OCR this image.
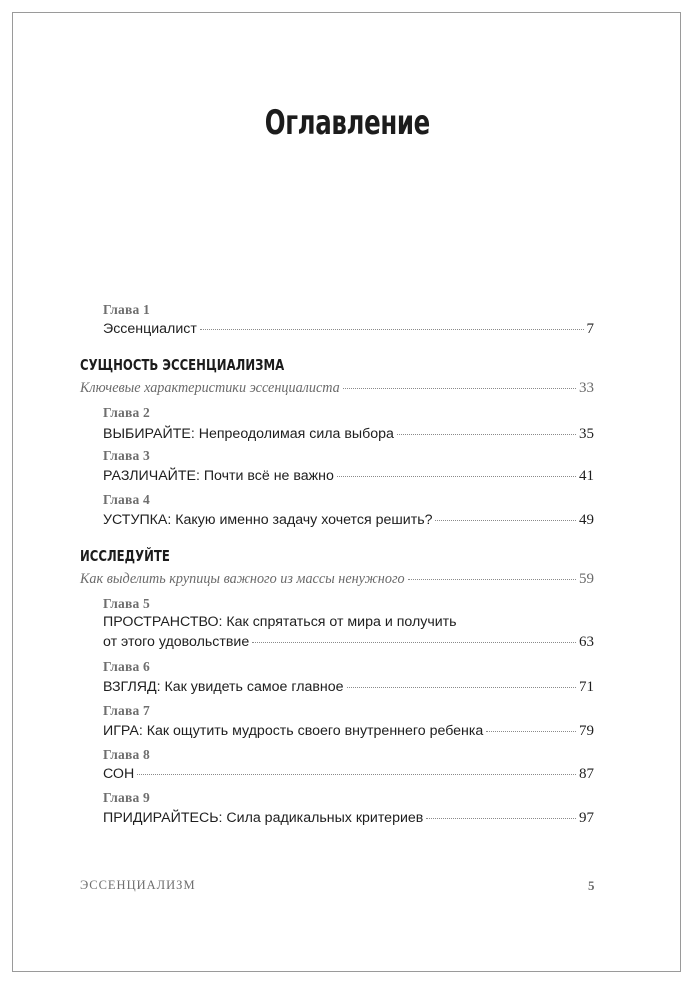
Оглавление
Глава 1
Эссенциалист	7
СУЩНОСТЬ ЭССЕНЦИАЛИЗМА
Ключевые характеристики эссенциалиста	33
Глава 2
ВЫБИРАЙТЕ: Непреодолимая сила выбора	35
Глава 3
РАЗЛИЧАЙТЕ: Почти всё не важно	41
Глава 4
УСТУПКА: Какую именно задачу хочется решить?	49
ИССЛЕДУЙТЕ
Как выделить крупицы важного из массы ненужного	59
Глава 5
ПРОСТРАНСТВО: Как спрятаться от мира и получить
от этого удовольствие	63
Глава 6
ВЗГЛЯД: Как увидеть самое главное	71
Глава 7
ИГРА: Как ощутить мудрость своего внутреннего ребенка	79
Глава 8
СОН	87
Глава 9
ПРИДИРАЙТЕСЬ: Сила радикальных критериев	97
ЭССЕНЦИАЛИЗМ	5
